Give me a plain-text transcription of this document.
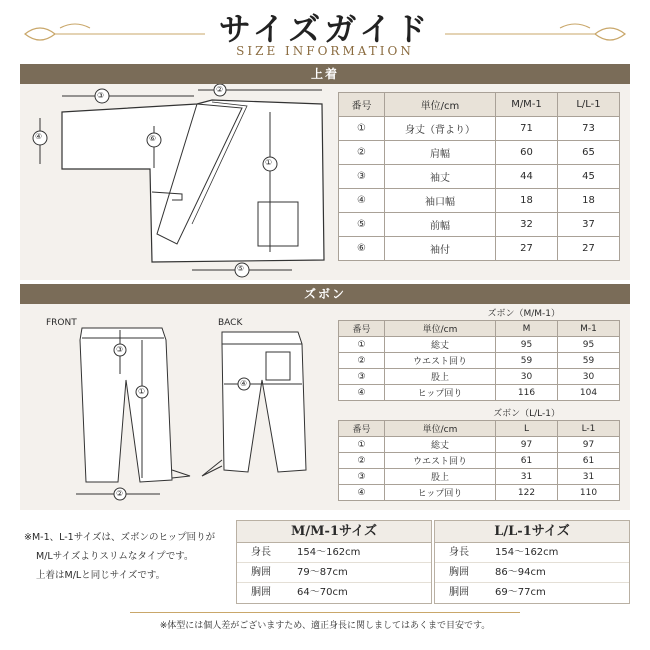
サイズガイド
SIZE INFORMATION
上着
③
②
①
⑥
④
⑤
番号	単位/cm	M/M-1	L/L-1
①	身丈（背より）	71	73
②	肩幅	60	65
③	袖丈	44	45
④	袖口幅	18	18
⑤	前幅	32	37
⑥	袖付	27	27
ズボン
FRONT	BACK
③
①
②
④
ズボン（M/M-1）
番号	単位/cm	M	M-1
①	総丈	95	95
②	ウエスト回り	59	59
③	股上	30	30
④	ヒップ回り	116	104
ズボン（L/L-1）
番号	単位/cm	L	L-1
①	総丈	97	97
②	ウエスト回り	61	61
③	股上	31	31
④	ヒップ回り	122	110
※M-1、L-1サイズは、ズボンのヒップ回りが
M/Lサイズよりスリムなタイプです。
上着はM/Lと同じサイズです。
M/M-1サイズ
身長	154～162cm
胸囲	79～87cm
胴囲	64～70cm
L/L-1サイズ
身長	154～162cm
胸囲	86～94cm
胴囲	69～77cm
※体型には個人差がございますため、適正身長に関しましてはあくまで目安です。
